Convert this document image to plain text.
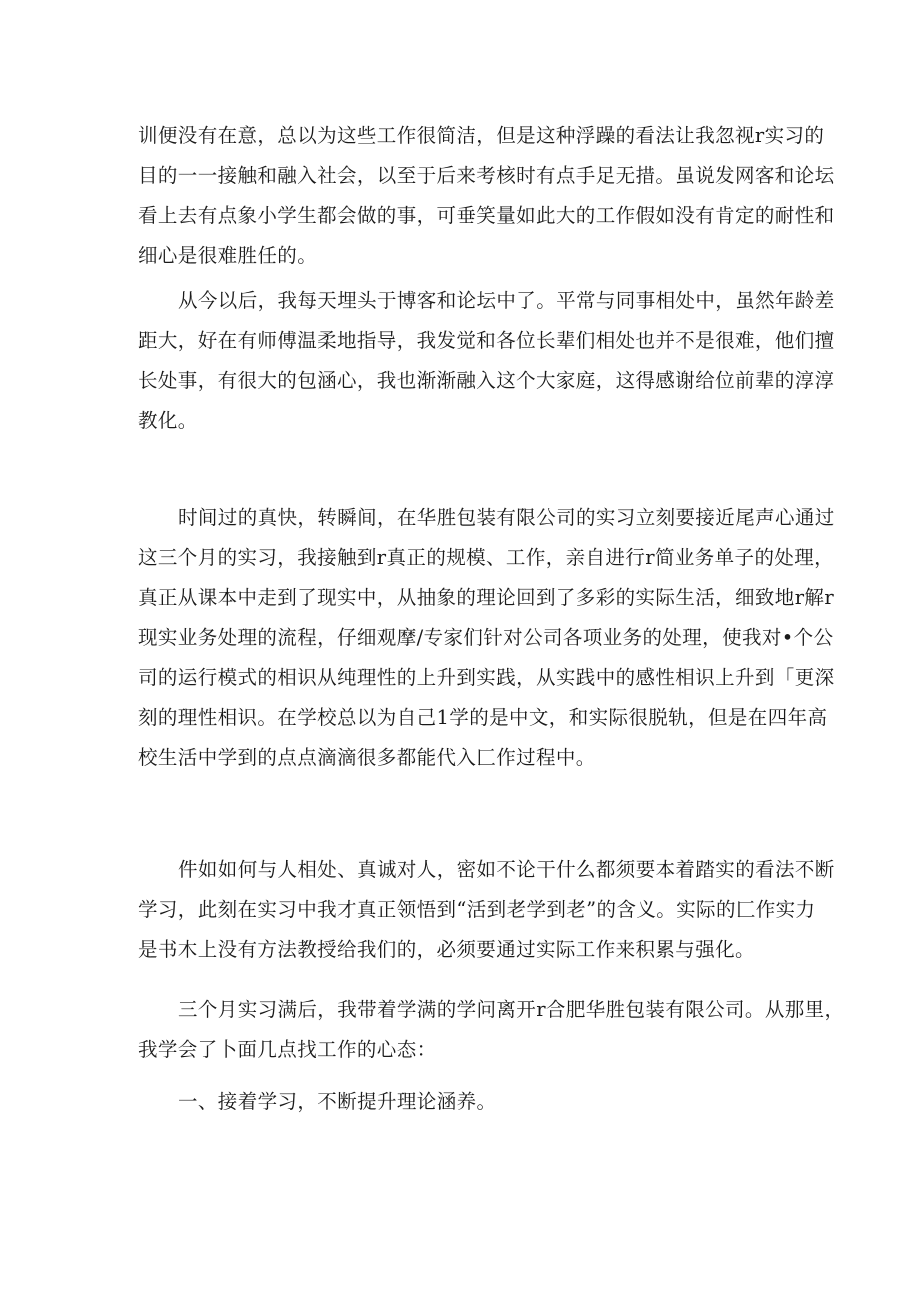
训便没有在意，总以为这些工作很简洁，但是这种浮躁的看法让我忽视r实习的
目的一一接触和融入社会，以至于后来考核时有点手足无措。虽说发网客和论坛
看上去有点象小学生都会做的事，可垂笑量如此大的工作假如没有肯定的耐性和
细心是很难胜任的。
从今以后，我每天埋头于博客和论坛中了。平常与同事相处中，虽然年龄差
距大，好在有师傅温柔地指导，我发觉和各位长辈们相处也并不是很难，他们擅
长处事，有很大的包涵心，我也渐渐融入这个大家庭，这得感谢给位前辈的淳淳
教化。
时间过的真快，转瞬间，在华胜包装有限公司的实习立刻要接近尾声心通过
这三个月的实习，我接触到r真正的规模、工作，亲自进行r简业务单子的处理，
真正从课本中走到了现实中，从抽象的理论回到了多彩的实际生活，细致地r解r
现实业务处理的流程，仔细观摩/专家们针对公司各项业务的处理，使我对•个公
司的运行模式的相识从纯理性的上升到实践，从实践中的感性相识上升到「更深
刻的理性相识。在学校总以为自己1学的是中文，和实际很脱轨，但是在四年高
校生活中学到的点点滴滴很多都能代入匚作过程中。
件如如何与人相处、真诚对人，密如不论干什么都须要本着踏实的看法不断
学习，此刻在实习中我才真正领悟到“活到老学到老”的含义。实际的匚作实力
是书木上没有方法教授给我们的，必须要通过实际工作来积累与强化。
三个月实习满后，我带着学满的学问离开r合肥华胜包装有限公司。从那里，
我学会了卜面几点找工作的心态：
一、接着学习，不断提升理论涵养。
